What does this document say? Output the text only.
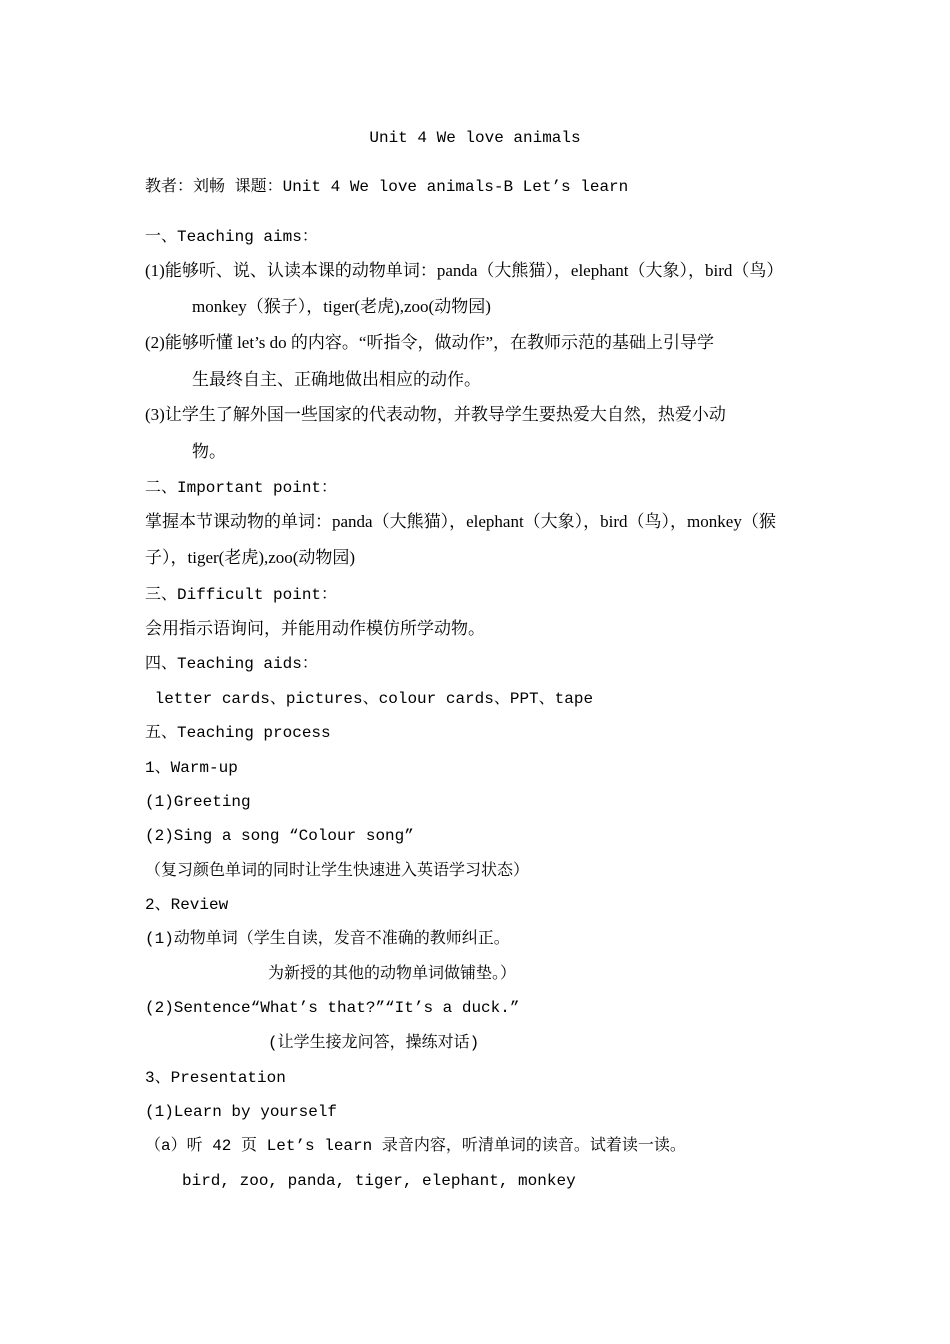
Unit 4 We love animals
教者：刘畅 课题：Unit 4 We love animals-B Let’s learn
一、Teaching aims：
(1)能够听、说、认读本课的动物单词：panda（大熊猫），elephant（大象），bird（鸟）
monkey（猴子），tiger(老虎),zoo(动物园)
(2)能够听懂 let’s do 的内容。“听指令，做动作”，在教师示范的基础上引导学
生最终自主、正确地做出相应的动作。
(3)让学生了解外国一些国家的代表动物，并教导学生要热爱大自然，热爱小动
物。
二、Important point：
掌握本节课动物的单词：panda（大熊猫），elephant（大象），bird（鸟），monkey（猴
子），tiger(老虎),zoo(动物园)
三、Difficult point：
会用指示语询问，并能用动作模仿所学动物。
四、Teaching aids：
letter cards、pictures、colour cards、PPT、tape
五、Teaching process
1、Warm-up
(1)Greeting
(2)Sing a song “Colour song”
（复习颜色单词的同时让学生快速进入英语学习状态）
2、Review
(1)动物单词（学生自读，发音不准确的教师纠正。
为新授的其他的动物单词做铺垫。）
(2)Sentence“What’s that?”“It’s a duck.”
(让学生接龙问答，操练对话)
3、Presentation
(1)Learn by yourself
（a）听 42 页 Let’s learn 录音内容，听清单词的读音。试着读一读。
bird, zoo, panda, tiger, elephant, monkey
